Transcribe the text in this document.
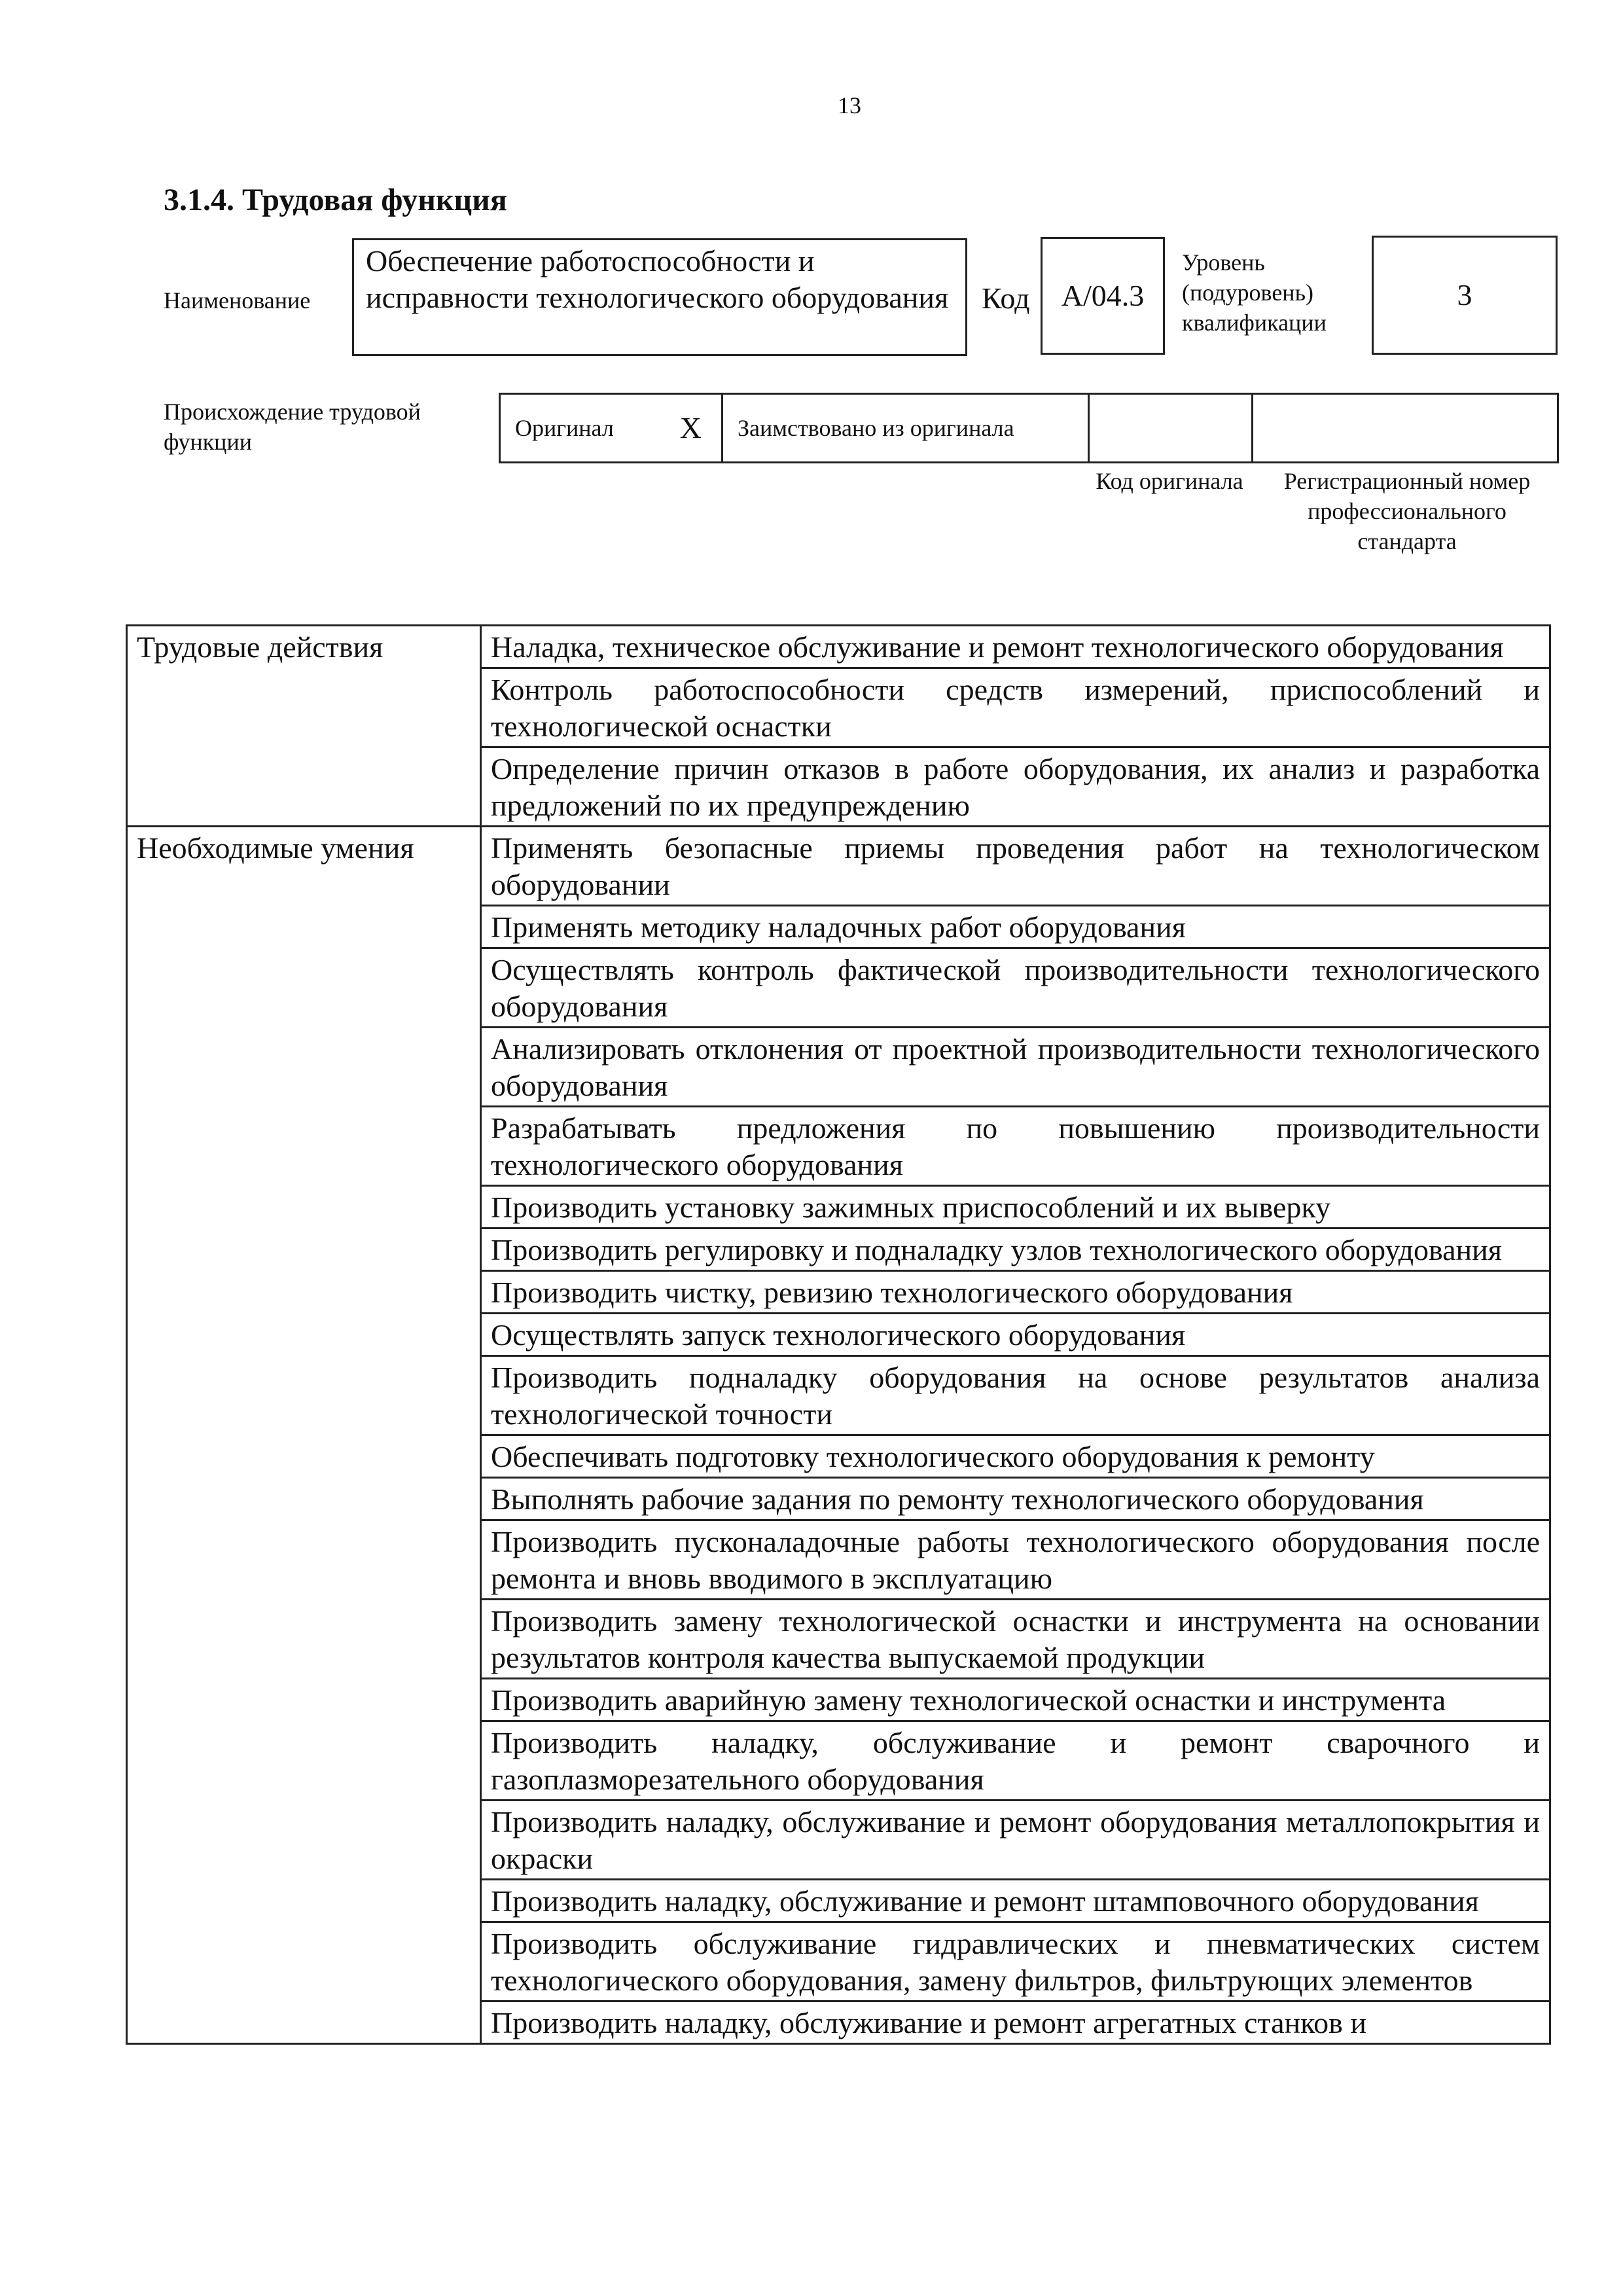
13
3.1.4. Трудовая функция
Наименование
Обеспечение работоспособности и исправности технологического оборудования	Код A/04.3
Уровень (подуровень) квалификации
3
Происхождение трудовой функции
Оригинал X Заимствовано из оригинала
Код оригинала	Регистрационный номер профессионального стандарта
Трудовые действия	Наладка, техническое обслуживание и ремонт технологического оборудования
	Контроль работоспособности средств измерений, приспособлений и технологической оснастки
	Определение причин отказов в работе оборудования, их анализ и разработка предложений по их предупреждению
Необходимые умения	Применять безопасные приемы проведения работ на технологическом оборудовании
	Применять методику наладочных работ оборудования
	Осуществлять контроль фактической производительности технологического оборудования
	Анализировать отклонения от проектной производительности технологического оборудования
	Разрабатывать предложения по повышению производительности технологического оборудования
	Производить установку зажимных приспособлений и их выверку
	Производить регулировку и подналадку узлов технологического оборудования
	Производить чистку, ревизию технологического оборудования
	Осуществлять запуск технологического оборудования
	Производить подналадку оборудования на основе результатов анализа технологической точности
	Обеспечивать подготовку технологического оборудования к ремонту
	Выполнять рабочие задания по ремонту технологического оборудования
	Производить пусконаладочные работы технологического оборудования после ремонта и вновь вводимого в эксплуатацию
	Производить замену технологической оснастки и инструмента на основании результатов контроля качества выпускаемой продукции
	Производить аварийную замену технологической оснастки и инструмента
	Производить наладку, обслуживание и ремонт сварочного и газоплазморезательного оборудования
	Производить наладку, обслуживание и ремонт оборудования металлопокрытия и окраски
	Производить наладку, обслуживание и ремонт штамповочного оборудования
	Производить обслуживание гидравлических и пневматических систем технологического оборудования, замену фильтров, фильтрующих элементов
	Производить наладку, обслуживание и ремонт агрегатных станков и
